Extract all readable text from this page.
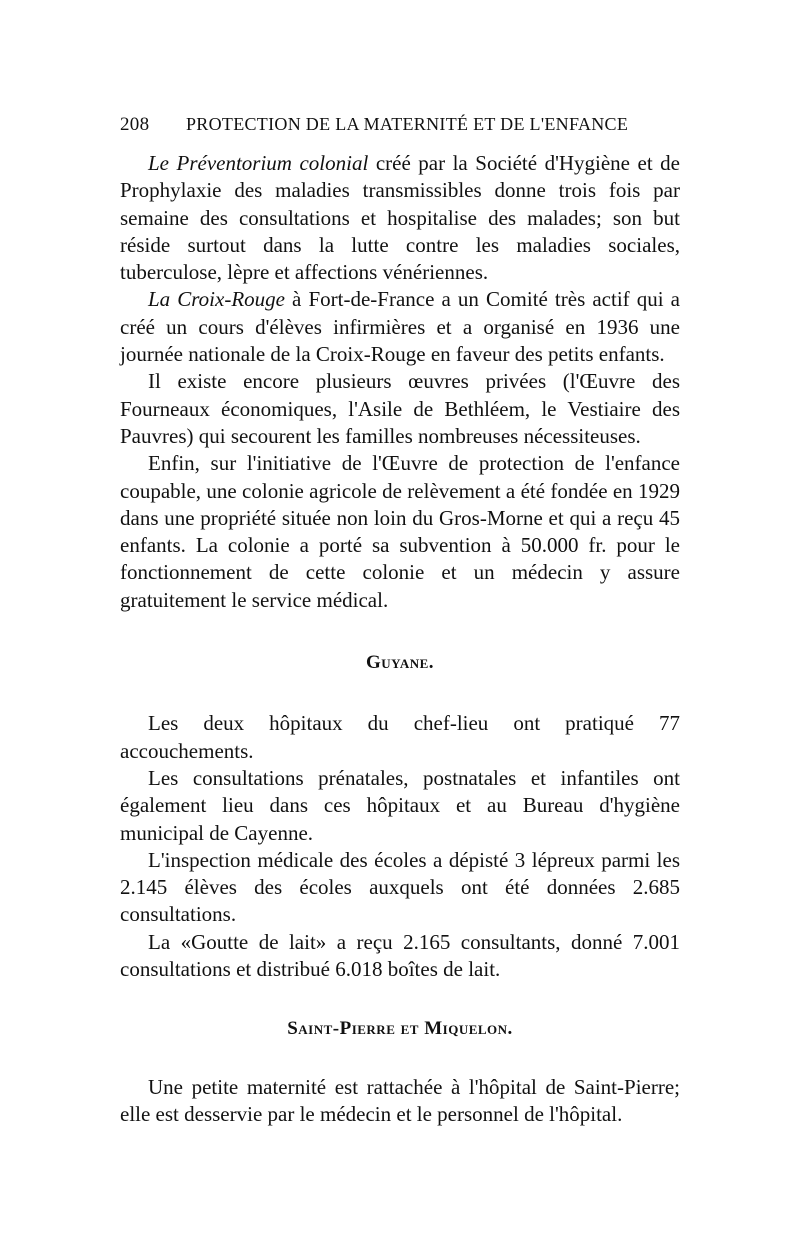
208	PROTECTION DE LA MATERNITÉ ET DE L'ENFANCE

Le Préventorium colonial créé par la Société d'Hygiène et de Prophylaxie des maladies transmissibles donne trois fois par semaine des consultations et hospitalise des malades; son but réside surtout dans la lutte contre les maladies sociales, tuberculose, lèpre et affections vénériennes.

La Croix-Rouge à Fort-de-France a un Comité très actif qui a créé un cours d'élèves infirmières et a organisé en 1936 une journée nationale de la Croix-Rouge en faveur des petits enfants.

Il existe encore plusieurs œuvres privées (l'Œuvre des Fourneaux économiques, l'Asile de Bethléem, le Vestiaire des Pauvres) qui secourent les familles nombreuses nécessiteuses.

Enfin, sur l'initiative de l'Œuvre de protection de l'enfance coupable, une colonie agricole de relèvement a été fondée en 1929 dans une propriété située non loin du Gros-Morne et qui a reçu 45 enfants. La colonie a porté sa subvention à 50.000 fr. pour le fonctionnement de cette colonie et un médecin y assure gratuitement le service médical.

Guyane.

Les deux hôpitaux du chef-lieu ont pratiqué 77 accouchements.

Les consultations prénatales, postnatales et infantiles ont également lieu dans ces hôpitaux et au Bureau d'hygiène municipal de Cayenne.

L'inspection médicale des écoles a dépisté 3 lépreux parmi les 2.145 élèves des écoles auxquels ont été données 2.685 consultations.

La «Goutte de lait» a reçu 2.165 consultants, donné 7.001 consultations et distribué 6.018 boîtes de lait.

Saint-Pierre et Miquelon.

Une petite maternité est rattachée à l'hôpital de Saint-Pierre; elle est desservie par le médecin et le personnel de l'hôpital.
